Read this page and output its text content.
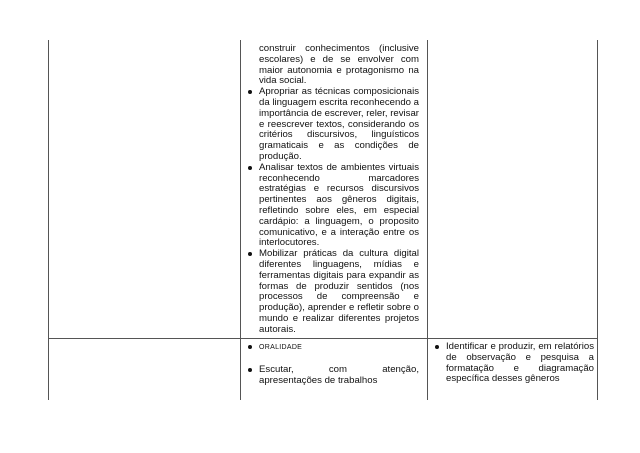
construir conhecimentos (inclusive escolares) e de se envolver com maior autonomia e protagonismo na vida social.
Apropriar as técnicas composicionais da linguagem escrita reconhecendo a importância de escrever, reler, revisar e reescrever textos, considerando os critérios discursivos, linguísticos gramaticais e as condições de produção.
Analisar textos de ambientes virtuais reconhecendo marcadores estratégias e recursos discursivos pertinentes aos gêneros digitais, refletindo sobre eles, em especial cardápio: a linguagem, o proposito comunicativo, e a interação entre os interlocutores.
Mobilizar práticas da cultura digital diferentes linguagens, mídias e ferramentas digitais para expandir as formas de produzir sentidos (nos processos de compreensão e produção), aprender e refletir sobre o mundo e realizar diferentes projetos autorais.
ORALIDADE
Escutar, com atenção, apresentações de trabalhos
Identificar e produzir, em relatórios de observação e pesquisa a formatação e diagramação específica desses gêneros
